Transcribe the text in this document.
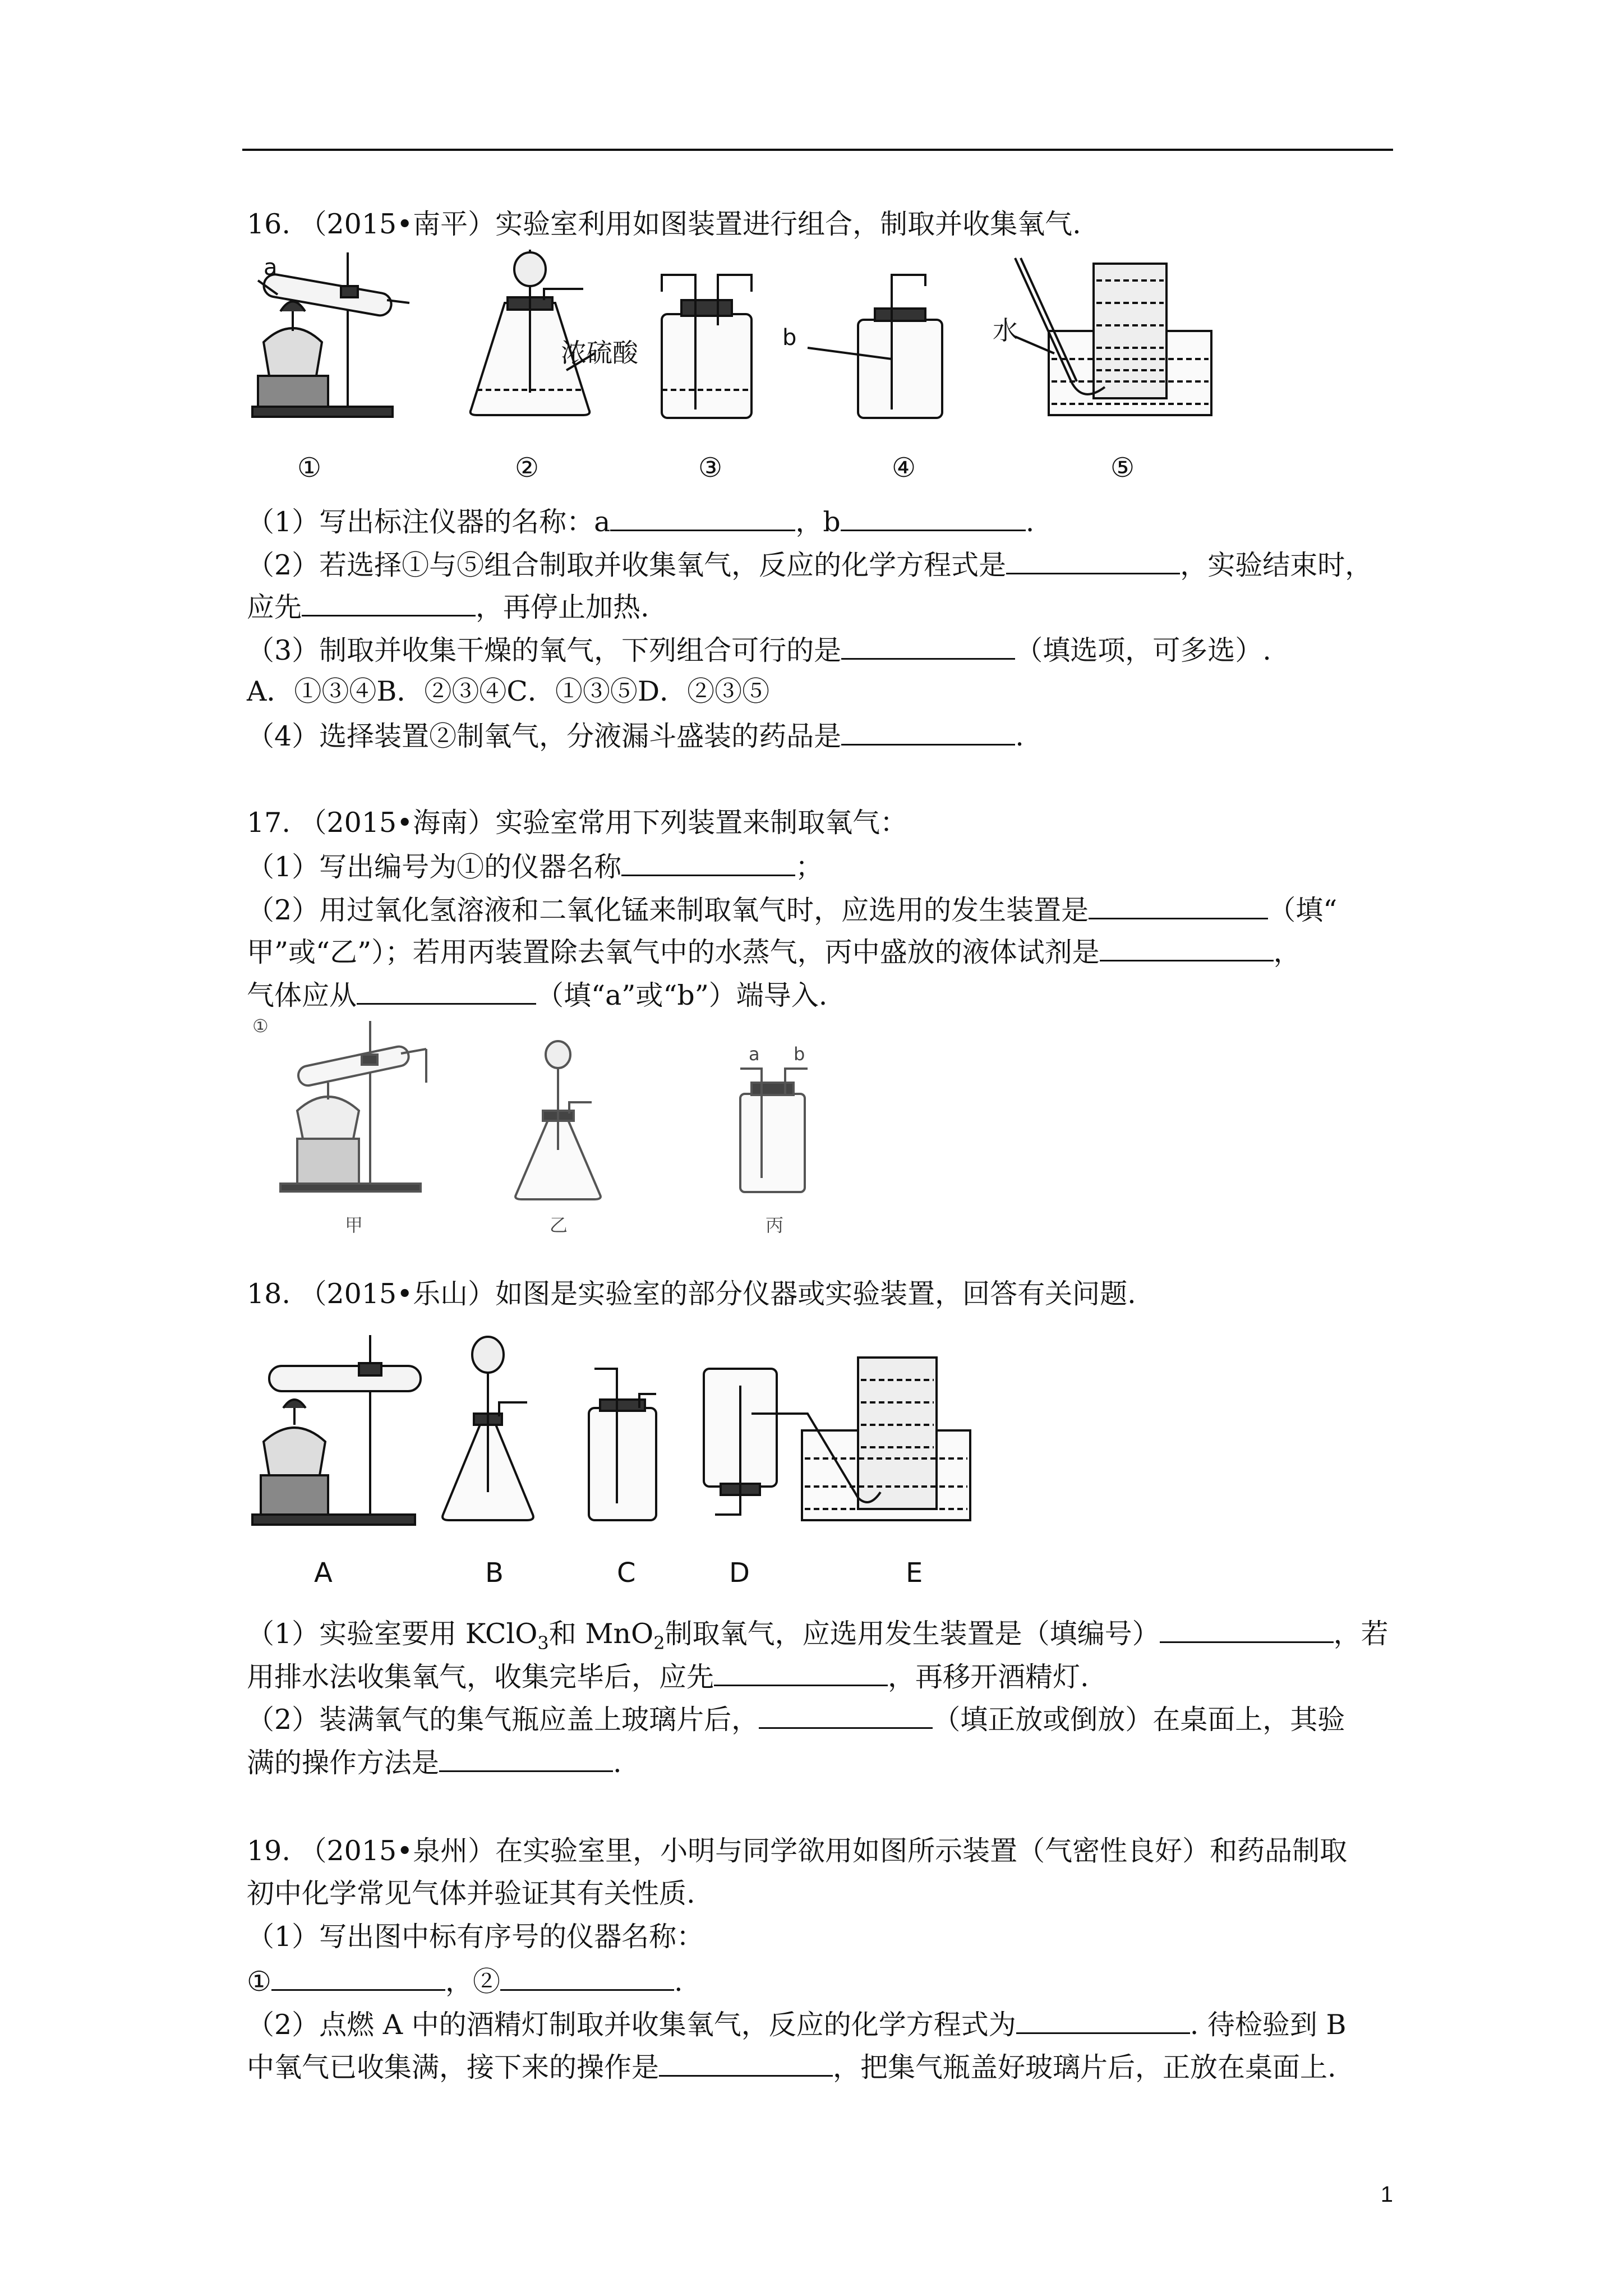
16. （2015•南平）实验室利用如图装置进行组合，制取并收集氧气.
a
b
浓硫酸
水
①	②	③	④	⑤
（1）写出标注仪器的名称：a	，b	.
（2）若选择①与⑤组合制取并收集氧气，反应的化学方程式是	，实验结束时，
应先	，再停止加热.
（3）制取并收集干燥的氧气，下列组合可行的是	（填选项，可多选）.
A．①③④B．②③④C．①③⑤D．②③⑤
（4）选择装置②制氧气，分液漏斗盛装的药品是	.
17. （2015•海南）实验室常用下列装置来制取氧气：
（1）写出编号为①的仪器名称	；
（2）用过氧化氢溶液和二氧化锰来制取氧气时，应选用的发生装置是	（填“
甲”或“乙”）；若用丙装置除去氧气中的水蒸气，丙中盛放的液体试剂是	，
气体应从	（填“a”或“b”）端导入.
①
甲	乙	丙
a b
18. （2015•乐山）如图是实验室的部分仪器或实验装置，回答有关问题.
A	B	C	D	E
（1）实验室要用 KClO$_3$和 MnO$_2$制取氧气，应选用发生装置是（填编号）	，若
用排水法收集氧气，收集完毕后，应先	，再移开酒精灯.
（2）装满氧气的集气瓶应盖上玻璃片后，	（填正放或倒放）在桌面上，其验
满的操作方法是	.
19. （2015•泉州）在实验室里，小明与同学欲用如图所示装置（气密性良好）和药品制取
初中化学常见气体并验证其有关性质.
（1）写出图中标有序号的仪器名称：
①	，②	.
（2）点燃 A 中的酒精灯制取并收集氧气，反应的化学方程式为	. 待检验到 B
中氧气已收集满，接下来的操作是	，把集气瓶盖好玻璃片后，正放在桌面上.
1
